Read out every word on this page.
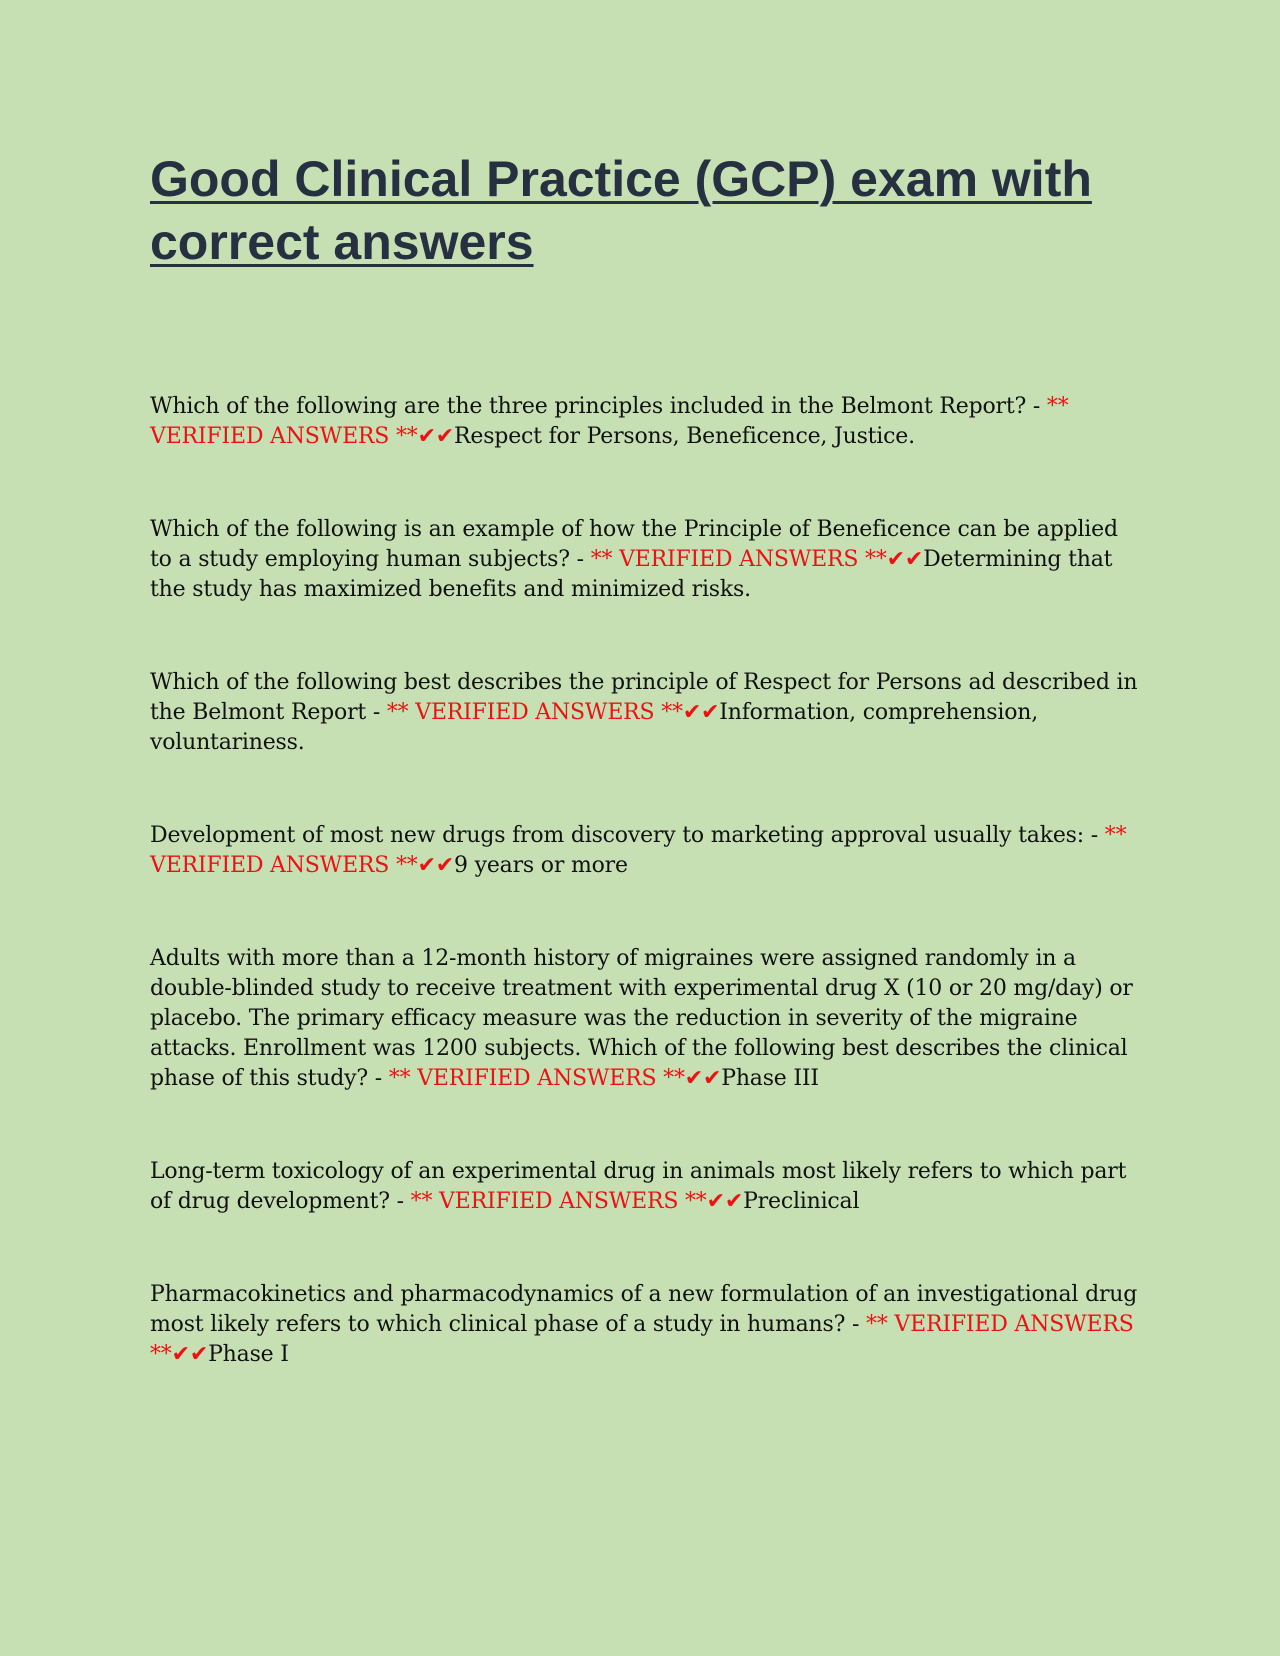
Good Clinical Practice (GCP) exam with correct answers

Which of the following are the three principles included in the Belmont Report? - ** VERIFIED ANSWERS **✔✔Respect for Persons, Beneficence, Justice.

Which of the following is an example of how the Principle of Beneficence can be applied to a study employing human subjects? - ** VERIFIED ANSWERS **✔✔Determining that the study has maximized benefits and minimized risks.

Which of the following best describes the principle of Respect for Persons ad described in the Belmont Report - ** VERIFIED ANSWERS **✔✔Information, comprehension, voluntariness.

Development of most new drugs from discovery to marketing approval usually takes: - ** VERIFIED ANSWERS **✔✔9 years or more

Adults with more than a 12-month history of migraines were assigned randomly in a double-blinded study to receive treatment with experimental drug X (10 or 20 mg/day) or placebo. The primary efficacy measure was the reduction in severity of the migraine attacks. Enrollment was 1200 subjects. Which of the following best describes the clinical phase of this study? - ** VERIFIED ANSWERS **✔✔Phase III

Long-term toxicology of an experimental drug in animals most likely refers to which part of drug development? - ** VERIFIED ANSWERS **✔✔Preclinical

Pharmacokinetics and pharmacodynamics of a new formulation of an investigational drug most likely refers to which clinical phase of a study in humans? - ** VERIFIED ANSWERS **✔✔Phase I
